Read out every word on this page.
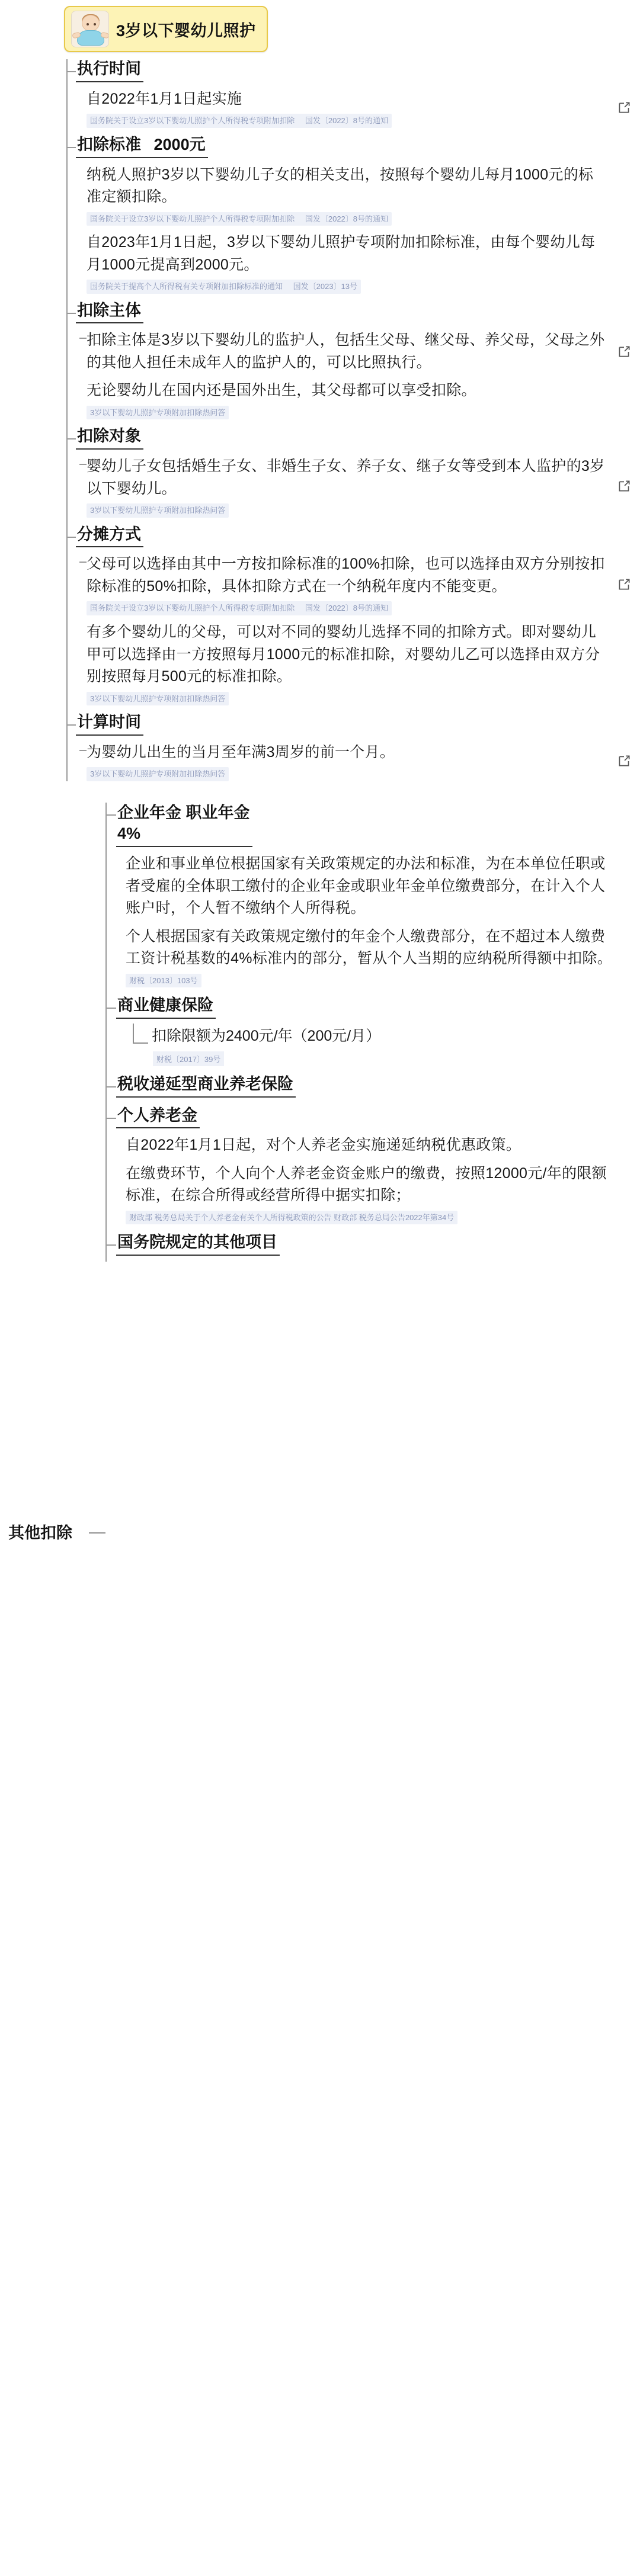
3岁以下婴幼儿照护
执行时间

自2022年1月1日起实施

国务院关于设立3岁以下婴幼儿照护个人所得税专项附加扣除 国发〔2022〕8号的通知
扣除标准 2000元

纳税人照护3岁以下婴幼儿子女的相关支出，按照每个婴幼儿每月1000元的标准定额扣除。

国务院关于设立3岁以下婴幼儿照护个人所得税专项附加扣除 国发〔2022〕8号的通知

自2023年1月1日起，3岁以下婴幼儿照护专项附加扣除标准，由每个婴幼儿每月1000元提高到2000元。

国务院关于提高个人所得税有关专项附加扣除标准的通知 国发〔2023〕13号
扣除主体

扣除主体是3岁以下婴幼儿的监护人，包括生父母、继父母、养父母，父母之外的其他人担任未成年人的监护人的，可以比照执行。

无论婴幼儿在国内还是国外出生，其父母都可以享受扣除。

3岁以下婴幼儿照护专项附加扣除热问答
扣除对象

婴幼儿子女包括婚生子女、非婚生子女、养子女、继子女等受到本人监护的3岁以下婴幼儿。

3岁以下婴幼儿照护专项附加扣除热问答
分摊方式

父母可以选择由其中一方按扣除标准的100%扣除，也可以选择由双方分别按扣除标准的50%扣除，具体扣除方式在一个纳税年度内不能变更。

国务院关于设立3岁以下婴幼儿照护个人所得税专项附加扣除 国发〔2022〕8号的通知

有多个婴幼儿的父母，可以对不同的婴幼儿选择不同的扣除方式。即对婴幼儿甲可以选择由一方按照每月1000元的标准扣除，对婴幼儿乙可以选择由双方分别按照每月500元的标准扣除。

3岁以下婴幼儿照护专项附加扣除热问答
计算时间

为婴幼儿出生的当月至年满3周岁的前一个月。

3岁以下婴幼儿照护专项附加扣除热问答
其他扣除
企业年金 职业年金
4%

企业和事业单位根据国家有关政策规定的办法和标准，为在本单位任职或者受雇的全体职工缴付的企业年金或职业年金单位缴费部分，在计入个人账户时，个人暂不缴纳个人所得税。

个人根据国家有关政策规定缴付的年金个人缴费部分，在不超过本人缴费工资计税基数的4%标准内的部分，暂从个人当期的应纳税所得额中扣除。

财税〔2013〕103号
商业健康保险

扣除限额为2400元/年（200元/月）

财税〔2017〕39号
税收递延型商业养老保险
个人养老金

自2022年1月1日起，对个人养老金实施递延纳税优惠政策。

在缴费环节，个人向个人养老金资金账户的缴费，按照12000元/年的限额标准，在综合所得或经营所得中据实扣除；

财政部 税务总局关于个人养老金有关个人所得税政策的公告 财政部 税务总局公告2022年第34号
国务院规定的其他项目
